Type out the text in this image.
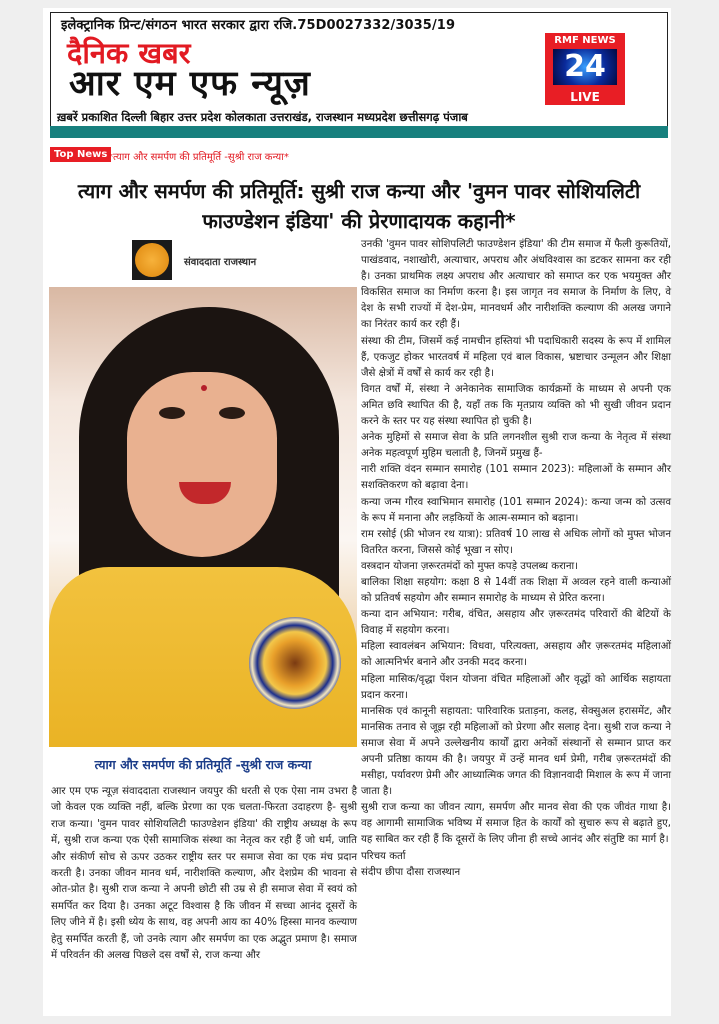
इलेक्ट्रानिक प्रिन्ट/संगठन भारत सरकार द्वारा रजि.75D0027332/3035/19
दैनिक खबर
आर एम एफ न्यूज़
ख़बरें प्रकाशित दिल्ली बिहार उत्तर प्रदेश कोलकाता उत्तराखंड, राजस्थान मध्यप्रदेश छत्तीसगढ़ पंजाब
RMF NEWS
24
LIVE
Top News *त्याग और समर्पण की प्रतिमूर्ति -सुश्री राज कन्या*
त्याग और समर्पण की प्रतिमूर्ति: सुश्री राज कन्या और 'वुमन पावर सोशियलिटी फाउण्डेशन इंडिया' की प्रेरणादायक कहानी*
संवाददाता राजस्थान
त्याग और समर्पण की प्रतिमूर्ति -सुश्री राज कन्या

आर एम एफ न्यूज़ संवाददाता राजस्थान जयपुर की धरती से एक ऐसा नाम उभरा है जो केवल एक व्यक्ति नहीं, बल्कि प्रेरणा का एक चलता-फिरता उदाहरण है- सुश्री राज कन्या। 'वुमन पावर सोशियलिटी फाउण्डेशन इंडिया' की राष्ट्रीय अध्यक्ष के रूप में, सुश्री राज कन्या एक ऐसी सामाजिक संस्था का नेतृत्व कर रही हैं जो धर्म, जाति और संकीर्ण सोच से ऊपर उठकर राष्ट्रीय स्तर पर समाज सेवा का एक मंच प्रदान करती है। उनका जीवन मानव धर्म, नारीशक्ति कल्याण, और देशप्रेम की भावना से ओत-प्रोत है। सुश्री राज कन्या ने अपनी छोटी सी उम्र से ही समाज सेवा में स्वयं को समर्पित कर दिया है। उनका अटूट विश्वास है कि जीवन में सच्चा आनंद दूसरों के लिए जीने में है। इसी ध्येय के साथ, वह अपनी आय का 40% हिस्सा मानव कल्याण हेतु समर्पित करती हैं, जो उनके त्याग और समर्पण का एक अद्भुत प्रमाण है। समाज में परिवर्तन की अलख पिछले दस वर्षों से, राज कन्या और

उनकी 'वुमन पावर सोशिपलिटी फाउण्डेशन इंडिया' की टीम समाज में फैली कुरूतियों, पाखंडवाद, नशाखोरी, अत्याचार, अपराध और अंधविश्वास का डटकर सामना कर रही है। उनका प्राथमिक लक्ष्य अपराध और अत्याचार को समाप्त कर एक भयमुक्त और विकसित समाज का निर्माण करना है। इस जागृत नव समाज के निर्माण के लिए, वे देश के सभी राज्यों में देश-प्रेम, मानवधर्म और नारीशक्ति कल्याण की अलख जगाने का निरंतर कार्य कर रही हैं।

संस्था की टीम, जिसमें कई नामचीन हस्तियां भी पदाधिकारी सदस्य के रूप में शामिल हैं, एकजुट होकर भारतवर्ष में महिला एवं बाल विकास, भ्रष्टाचार उन्मूलन और शिक्षा जैसे क्षेत्रों में वर्षों से कार्य कर रही है।

विगत वर्षों में, संस्था ने अनेकानेक सामाजिक कार्यक्रमों के माध्यम से अपनी एक अमित छवि स्थापित की है, यहाँ तक कि मृतप्राय व्यक्ति को भी सुखी जीवन प्रदान करने के स्तर पर यह संस्था स्थापित हो चुकी है।

अनेक मुहिमों से समाज सेवा के प्रति लगनशील सुश्री राज कन्या के नेतृत्व में संस्था अनेक महत्वपूर्ण मुहिम चलाती है, जिनमें प्रमुख हैं-

नारी शक्ति वंदन सम्मान समारोह (101 सम्मान 2023): महिलाओं के सम्मान और सशक्तिकरण को बढ़ावा देना।

कन्या जन्म गौरव स्वाभिमान समारोह (101 सम्मान 2024): कन्या जन्म को उत्सव के रूप में मनाना और लड़कियों के आत्म-सम्मान को बढ़ाना।

राम रसोई (फ्री भोजन रथ यात्रा): प्रतिवर्ष 10 लाख से अधिक लोगों को मुफ्त भोजन वितरित करना, जिससे कोई भूखा न सोए।

वस्त्रदान योजना ज़रूरतमंदों को मुफ्त कपड़े उपलब्ध कराना।

बालिका शिक्षा सहयोग: कक्षा 8 से 14वीं तक शिक्षा में अव्वल रहने वाली कन्याओं को प्रतिवर्ष सहयोग और सम्मान समारोह के माध्यम से प्रेरित करना।

कन्या दान अभियान: गरीब, वंचित, असहाय और ज़रूरतमंद परिवारों की बेटियों के विवाह में सहयोग करना।

महिला स्वावलंबन अभियान: विधवा, परित्यक्ता, असहाय और ज़रूरतमंद महिलाओं को आत्मनिर्भर बनाने और उनकी मदद करना।

महिला मासिक/वृद्धा पेंशन योजना वंचित महिलाओं और वृद्धों को आर्थिक सहायता प्रदान करना।

मानसिक एवं कानूनी सहायता: पारिवारिक प्रताड़ना, कलह, सेक्सुअल हरासमेंट, और मानसिक तनाव से जूझ रही महिलाओं को प्रेरणा और सलाह देना। सुश्री राज कन्या ने समाज सेवा में अपने उल्लेखनीय कार्यों द्वारा अनेकों संस्थानों से सम्मान प्राप्त कर अपनी प्रतिष्ठा कायम की है। जयपुर में उन्हें मानव धर्म प्रेमी, गरीब ज़रूरतमंदों की मसीहा, पर्यावरण प्रेमी और आध्यात्मिक जगत की विज्ञानवादी मिशाल के रूप में जाना जाता है।

सुश्री राज कन्या का जीवन त्याग, समर्पण और मानव सेवा की एक जीवंत गाथा है। वह आगामी सामाजिक भविष्य में समाज हित के कार्यों को सुचारु रूप से बढ़ाते हुए, यह साबित कर रही हैं कि दूसरों के लिए जीना ही सच्चे आनंद और संतुष्टि का मार्ग है।

परिचय कर्ता

संदीप छीपा दौसा राजस्थान
